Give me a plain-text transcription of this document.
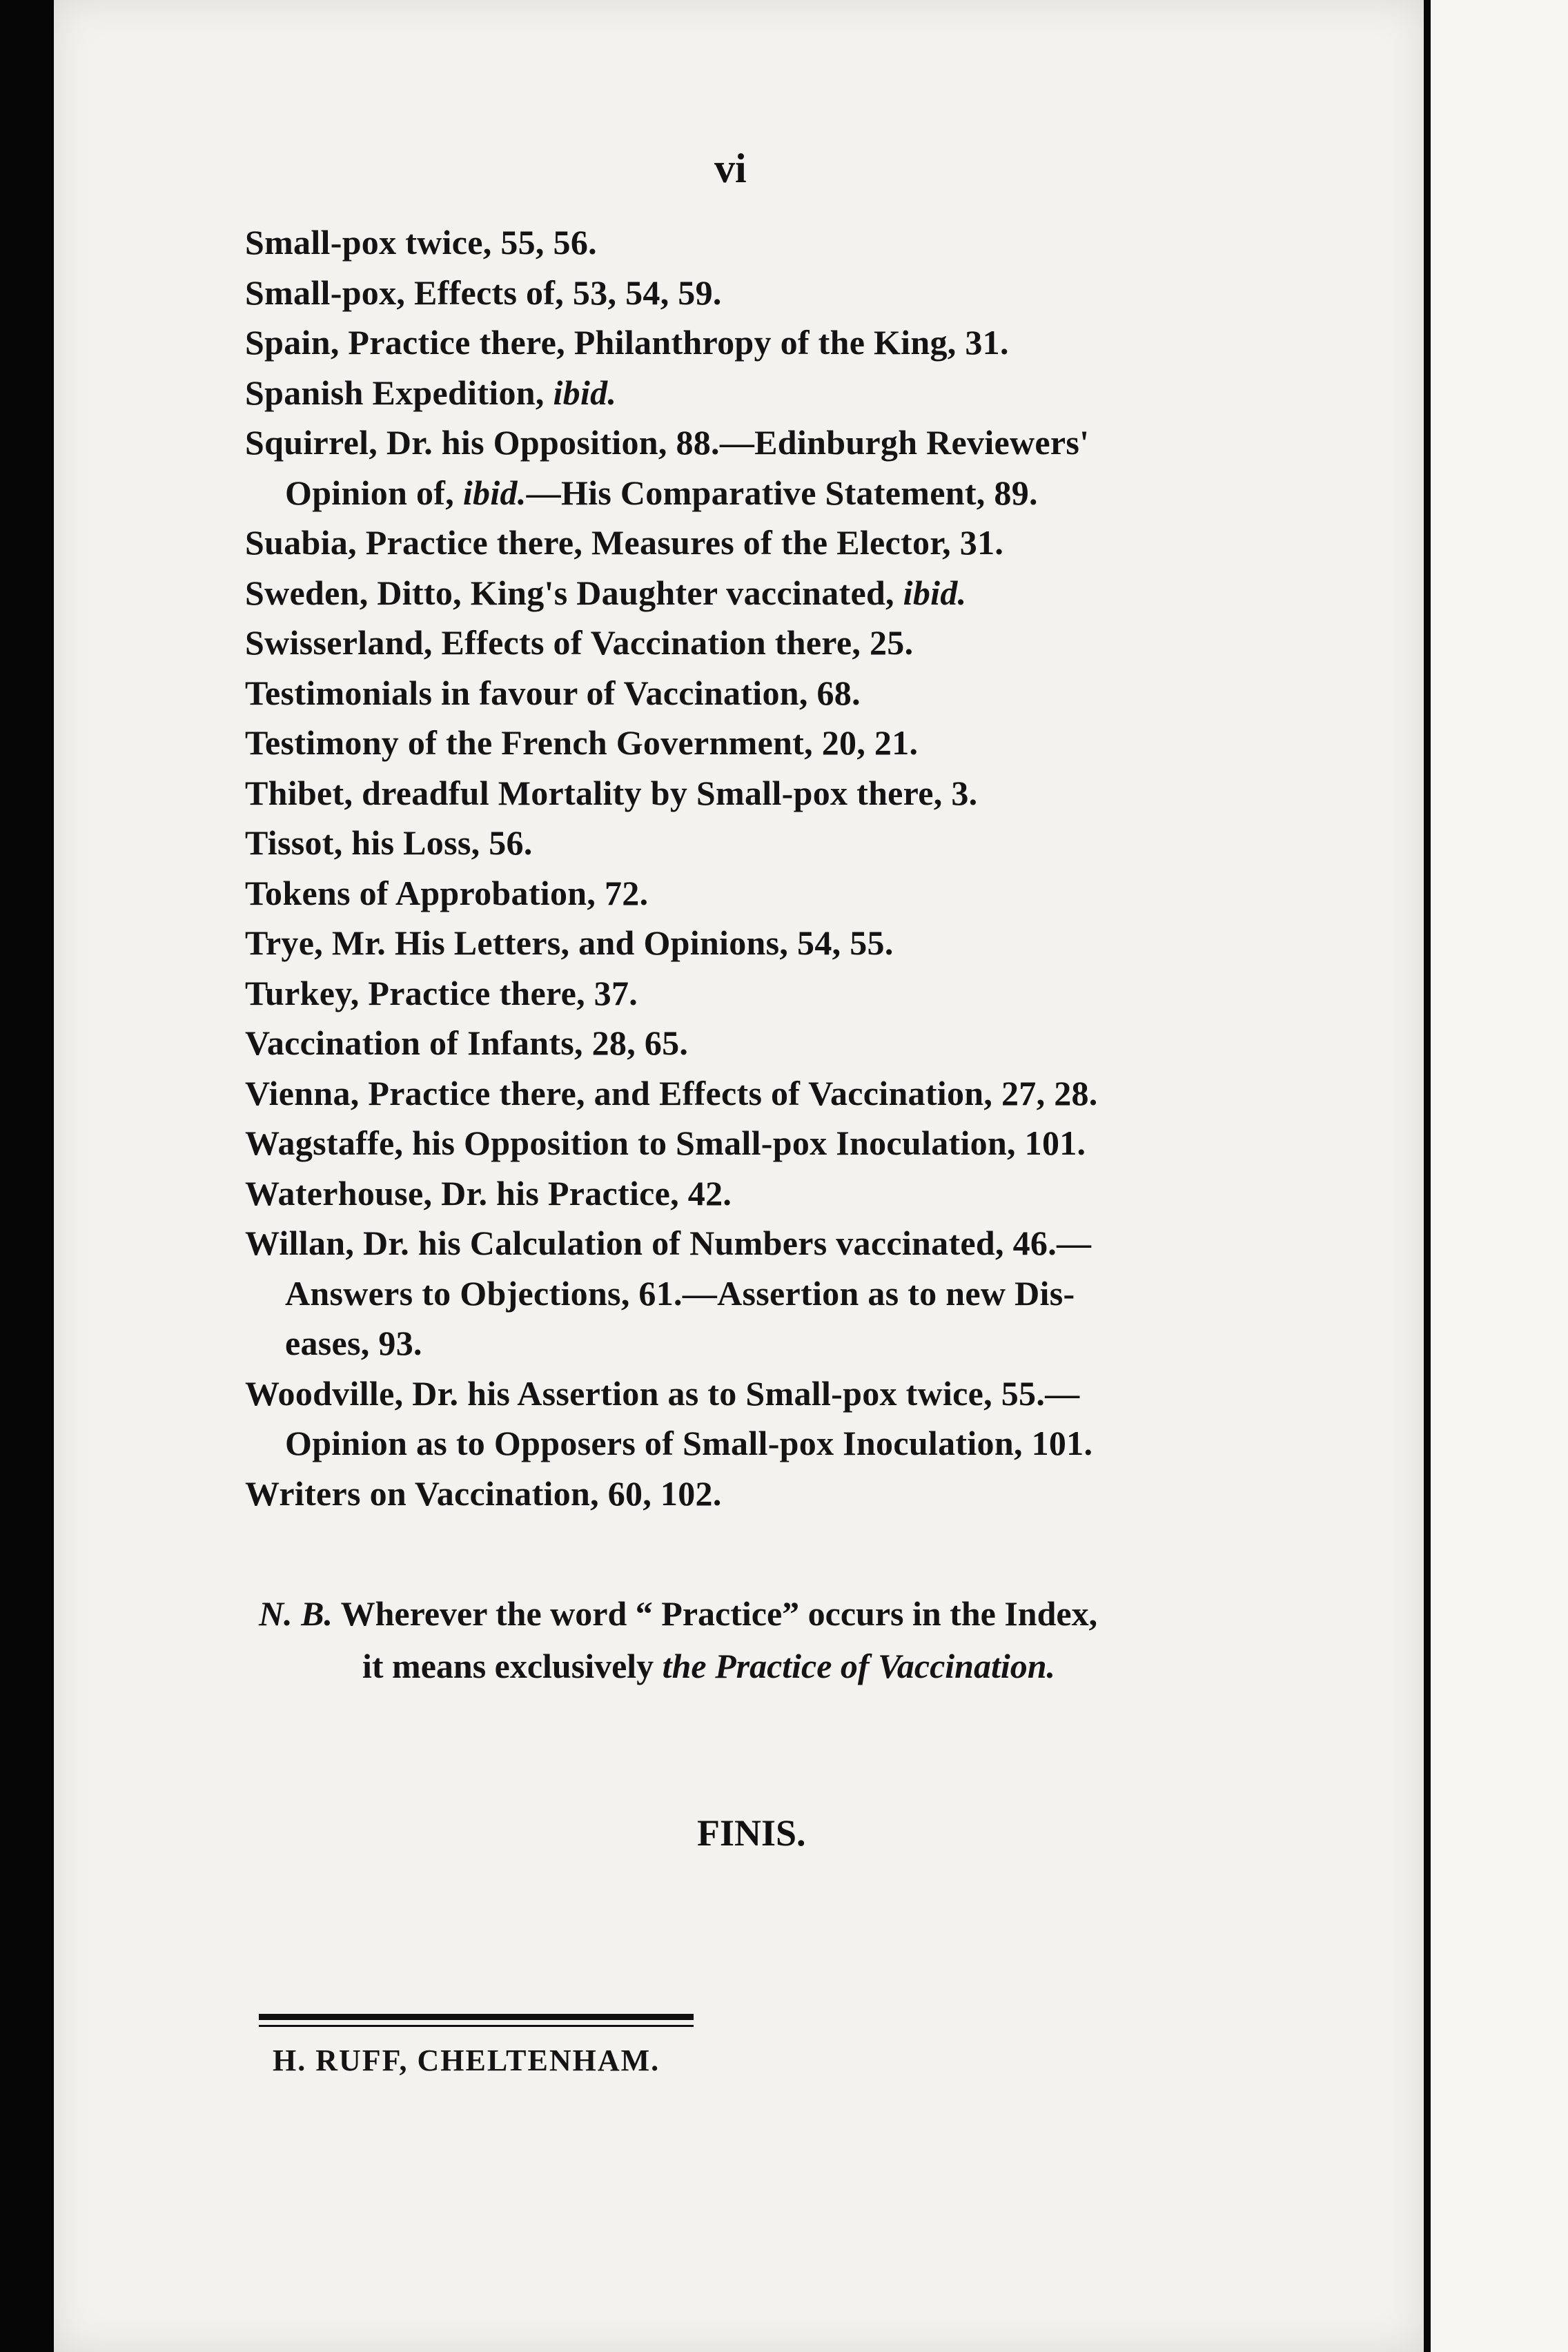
vi
Small-pox twice, 55, 56.
Small-pox, Effects of, 53, 54, 59.
Spain, Practice there, Philanthropy of the King, 31.
Spanish Expedition, ibid.
Squirrel, Dr. his Opposition, 88.—Edinburgh Reviewers'
Opinion of, ibid.—His Comparative Statement, 89.
Suabia, Practice there, Measures of the Elector, 31.
Sweden, Ditto, King's Daughter vaccinated, ibid.
Swisserland, Effects of Vaccination there, 25.
Testimonials in favour of Vaccination, 68.
Testimony of the French Government, 20, 21.
Thibet, dreadful Mortality by Small-pox there, 3.
Tissot, his Loss, 56.
Tokens of Approbation, 72.
Trye, Mr. His Letters, and Opinions, 54, 55.
Turkey, Practice there, 37.
Vaccination of Infants, 28, 65.
Vienna, Practice there, and Effects of Vaccination, 27, 28.
Wagstaffe, his Opposition to Small-pox Inoculation, 101.
Waterhouse, Dr. his Practice, 42.
Willan, Dr. his Calculation of Numbers vaccinated, 46.—
Answers to Objections, 61.—Assertion as to new Dis-
eases, 93.
Woodville, Dr. his Assertion as to Small-pox twice, 55.—
Opinion as to Opposers of Small-pox Inoculation, 101.
Writers on Vaccination, 60, 102.
N. B. Wherever the word “ Practice” occurs in the Index,
it means exclusively the Practice of Vaccination.
FINIS.
H. RUFF, CHELTENHAM.
